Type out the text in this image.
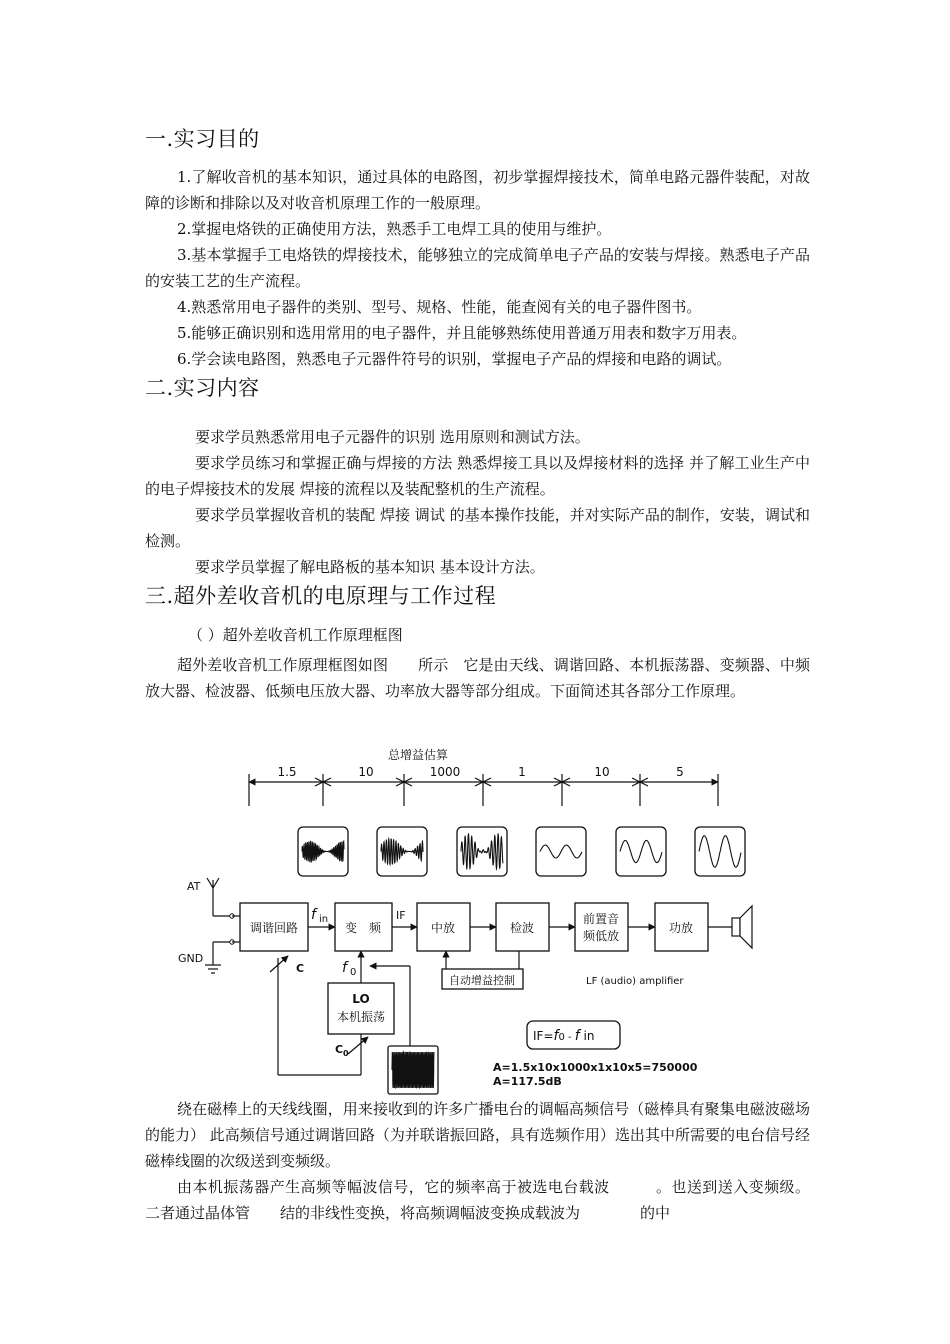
一.实习目的
1.了解收音机的基本知识，通过具体的电路图，初步掌握焊接技术，简单电路元器件装配，对故障的诊断和排除以及对收音机原理工作的一般原理。
2.掌握电烙铁的正确使用方法，熟悉手工电焊工具的使用与维护。
3.基本掌握手工电烙铁的焊接技术，能够独立的完成简单电子产品的安装与焊接。熟悉电子产品的安装工艺的生产流程。
4.熟悉常用电子器件的类别、型号、规格、性能，能查阅有关的电子器件图书。
5.能够正确识别和选用常用的电子器件，并且能够熟练使用普通万用表和数字万用表。
6.学会读电路图，熟悉电子元器件符号的识别，掌握电子产品的焊接和电路的调试。
二.实习内容
要求学员熟悉常用电子元器件的识别 选用原则和测试方法。
要求学员练习和掌握正确与焊接的方法 熟悉焊接工具以及焊接材料的选择 并了解工业生产中的电子焊接技术的发展 焊接的流程以及装配整机的生产流程。
要求学员掌握收音机的装配 焊接 调试 的基本操作技能，并对实际产品的制作，安装，调试和检测。
要求学员掌握了解电路板的基本知识 基本设计方法。
三.超外差收音机的电原理与工作过程
（ ）超外差收音机工作原理框图
超外差收音机工作原理框图如图　　所示　它是由天线、调谐回路、本机振荡器、变频器、中频放大器、检波器、低频电压放大器、功率放大器等部分组成。下面简述其各部分工作原理。
总增益估算
1.5	10	1000	1	10	5
AT
GND
调谐回路	变　频	中放	检波
前置音
频低放
功放
LO
本机振荡
自动增益控制	LF (audio) amplifier
f in	IF
f 0
C
C 0
IF=f0 - f in
A=1.5x10x1000x1x10x5=750000
A=117.5dB
绕在磁棒上的天线线圈，用来接收到的许多广播电台的调幅高频信号（磁棒具有聚集电磁波磁场的能力） 此高频信号通过调谐回路（为并联谐振回路，具有选频作用）选出其中所需要的电台信号经磁棒线圈的次级送到变频级。
由本机振荡器产生高频等幅波信号，它的频率高于被选电台载波　　　。也送到送入变频级。 二者通过晶体管　　结的非线性变换，将高频调幅波变换成载波为　　　　的中
